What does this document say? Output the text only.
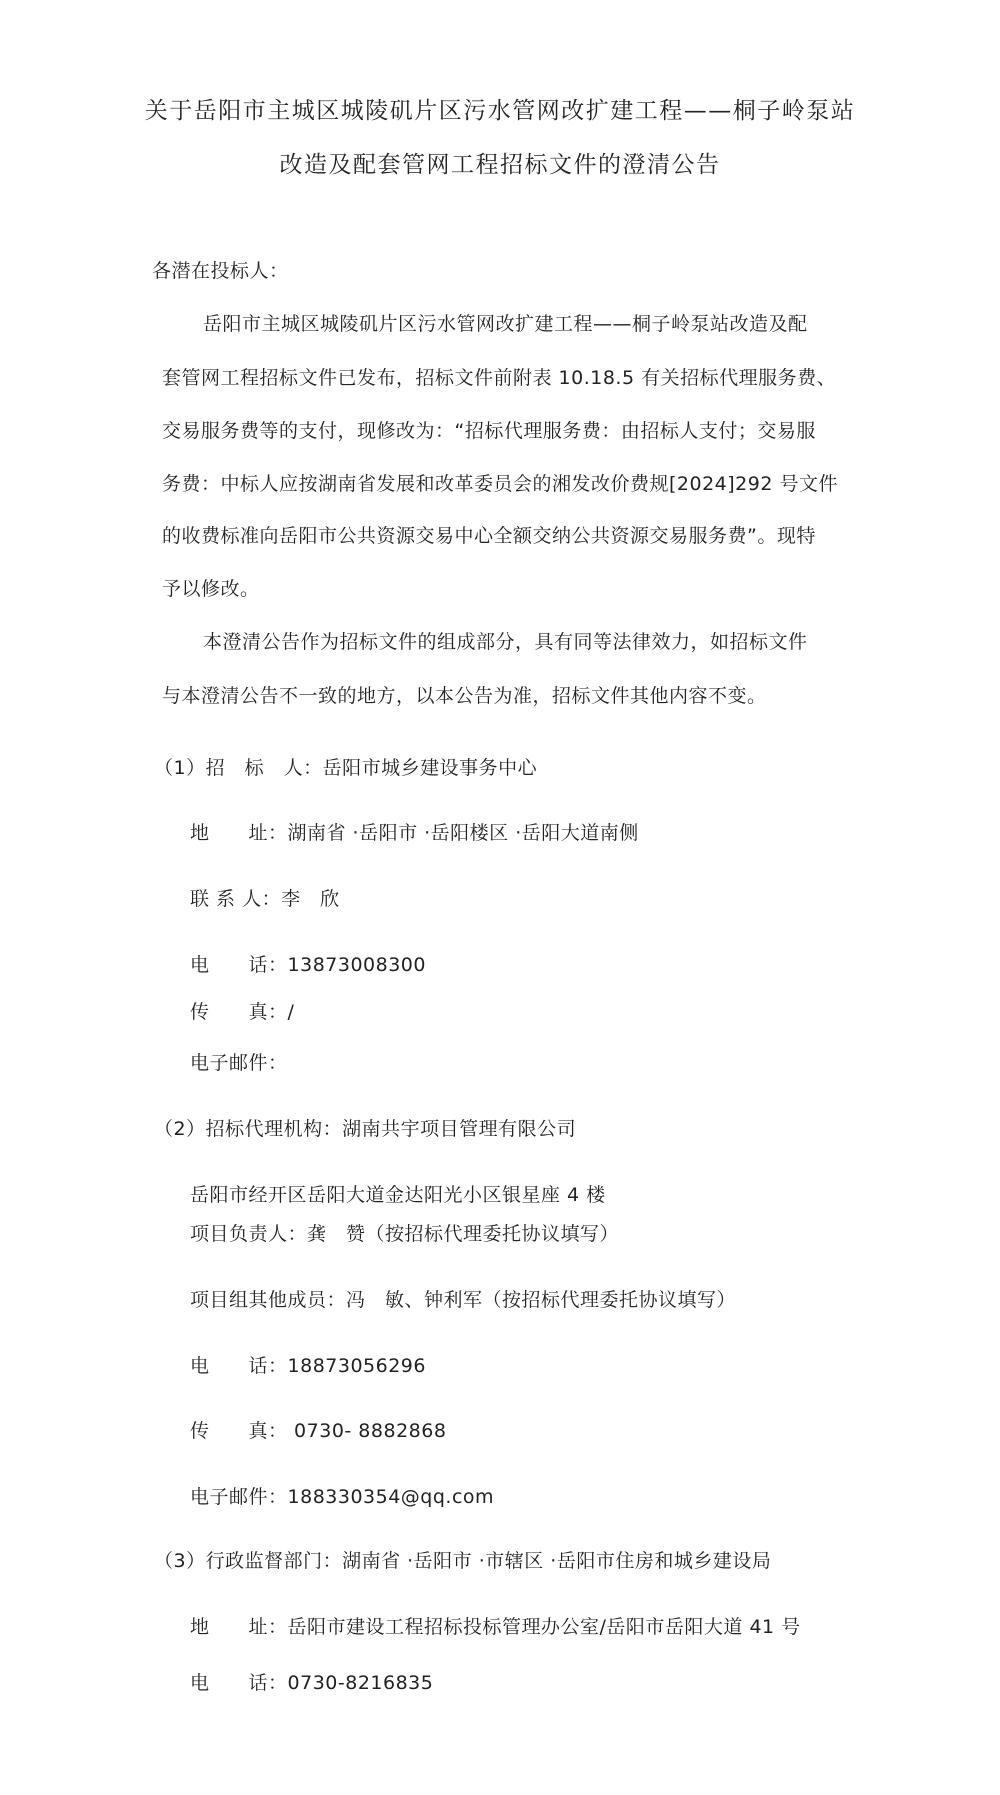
关于岳阳市主城区城陵矶片区污水管网改扩建工程——桐子岭泵站
改造及配套管网工程招标文件的澄清公告
各潜在投标人：
岳阳市主城区城陵矶片区污水管网改扩建工程——桐子岭泵站改造及配
套管网工程招标文件已发布，招标文件前附表 10.18.5 有关招标代理服务费、
交易服务费等的支付，现修改为：“招标代理服务费：由招标人支付；交易服
务费：中标人应按湖南省发展和改革委员会的湘发改价费规[2024]292 号文件
的收费标准向岳阳市公共资源交易中心全额交纳公共资源交易服务费”。现特
予以修改。
本澄清公告作为招标文件的组成部分，具有同等法律效力，如招标文件
与本澄清公告不一致的地方，以本公告为准，招标文件其他内容不变。
（1）招　标　人：岳阳市城乡建设事务中心
地　　址：湖南省 ·岳阳市 ·岳阳楼区 ·岳阳大道南侧
联 系 人：李　欣
电　　话：13873008300
传　　真：/
电子邮件：
（2）招标代理机构：湖南共宇项目管理有限公司
岳阳市经开区岳阳大道金达阳光小区银星座 4 楼
项目负责人：龚　赞（按招标代理委托协议填写）
项目组其他成员：冯　敏、钟利军（按招标代理委托协议填写）
电　　话：18873056296
传　　真： 0730- 8882868
电子邮件：188330354@qq.com
（3）行政监督部门：湖南省 ·岳阳市 ·市辖区 ·岳阳市住房和城乡建设局
地　　址：岳阳市建设工程招标投标管理办公室/岳阳市岳阳大道 41 号
电　　话：0730-8216835
